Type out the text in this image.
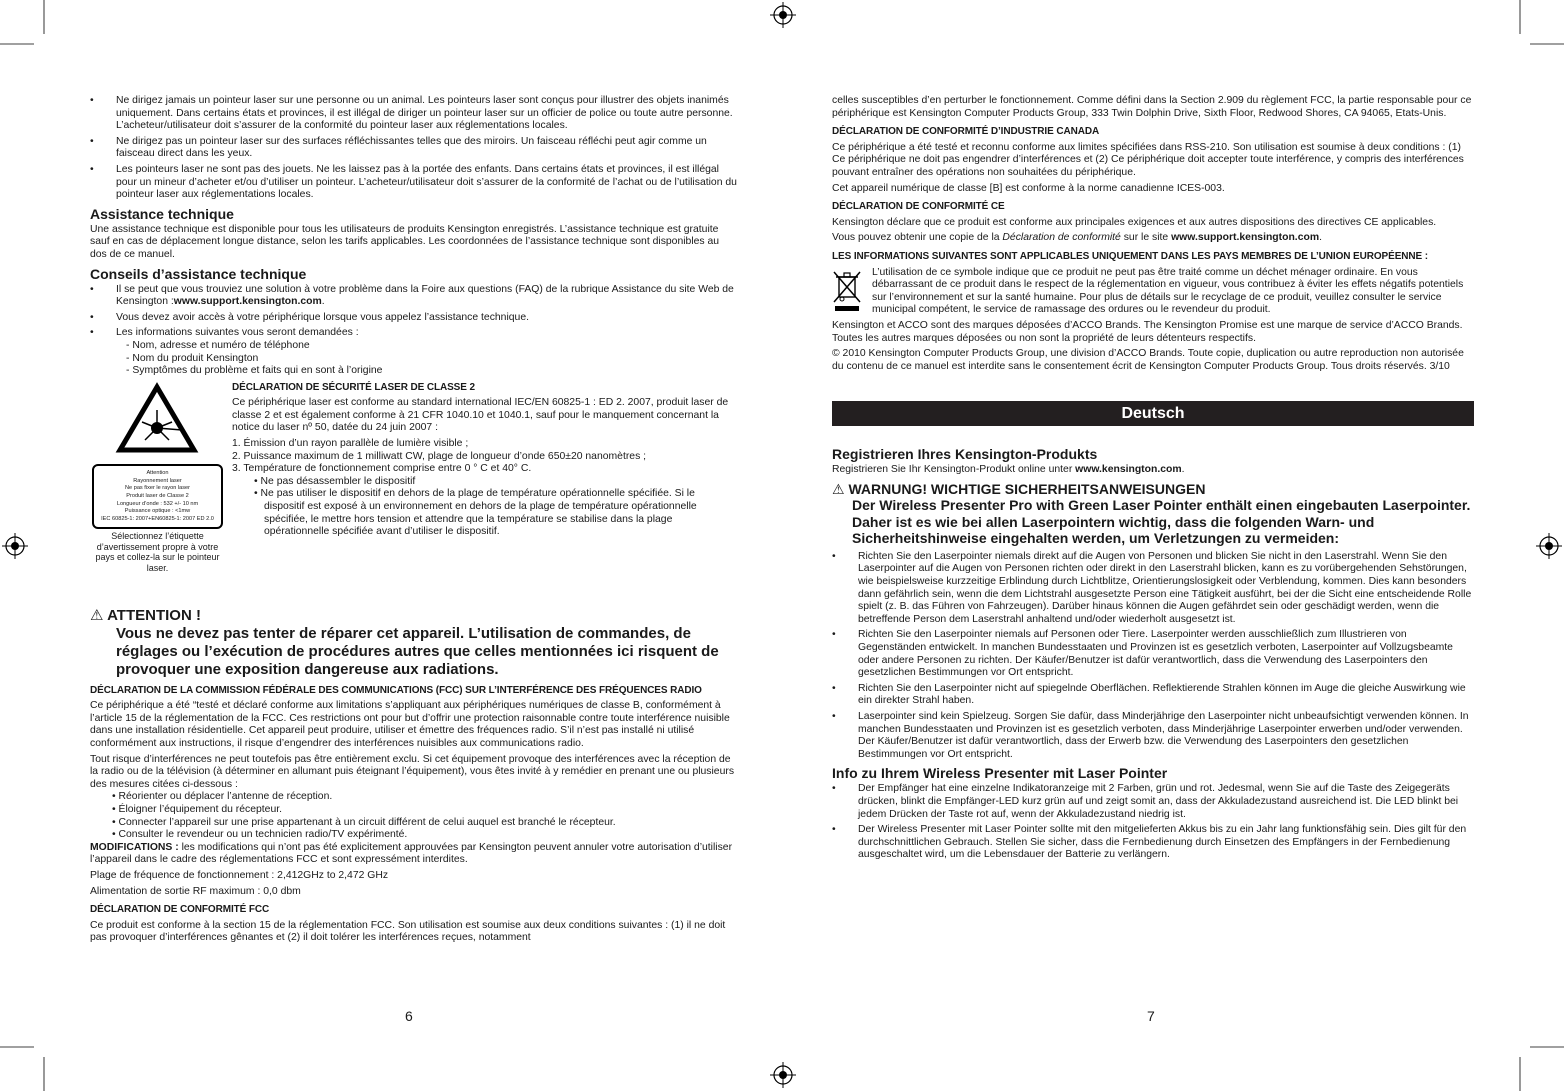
• Ne dirigez jamais un pointeur laser sur une personne ou un animal. Les pointeurs laser sont conçus pour illustrer des objets inanimés uniquement. Dans certains états et provinces, il est illégal de diriger un pointeur laser sur un officier de police ou toute autre personne. L’acheteur/utilisateur doit s’assurer de la conformité du pointeur laser aux réglementations locales.
• Ne dirigez pas un pointeur laser sur des surfaces réfléchissantes telles que des miroirs. Un faisceau réfléchi peut agir comme un faisceau direct dans les yeux.
• Les pointeurs laser ne sont pas des jouets. Ne les laissez pas à la portée des enfants. Dans certains états et provinces, il est illégal pour un mineur d’acheter et/ou d’utiliser un pointeur. L’acheteur/utilisateur doit s’assurer de la conformité de l’achat ou de l’utilisation du pointeur laser aux réglementations locales.
Assistance technique

Une assistance technique est disponible pour tous les utilisateurs de produits Kensington enregistrés. L’assistance technique est gratuite sauf en cas de déplacement longue distance, selon les tarifs applicables. Les coordonnées de l’assistance technique sont disponibles au dos de ce manuel.

Conseils d’assistance technique
• Il se peut que vous trouviez une solution à votre problème dans la Foire aux questions (FAQ) de la rubrique Assistance du site Web de Kensington :www.support.kensington.com.
• Vous devez avoir accès à votre périphérique lorsque vous appelez l’assistance technique.
• Les informations suivantes vous seront demandées :
- Nom, adresse et numéro de téléphone
- Nom du produit Kensington
- Symptômes du problème et faits qui en sont à l’origine
Attention
Rayonnement laser
Ne pas fixer le rayon laser
Produit laser de Classe 2
Longueur d’onde : 532 +/- 10 nm
Puissance optique : <1mw
IEC 60825-1: 2007+EN60825-1: 2007 ED 2.0
Sélectionnez l’étiquette d’avertissement propre à votre pays et collez-la sur le pointeur laser.
DÉCLARATION DE SÉCURITÉ LASER DE CLASSE 2

Ce périphérique laser est conforme au standard international IEC/EN 60825-1 : ED 2. 2007, produit laser de classe 2 et est également conforme à 21 CFR 1040.10 et 1040.1, sauf pour le manquement concernant la notice du laser nº 50, datée du 24 juin 2007 :

1. Émission d’un rayon parallèle de lumière visible ;
2. Puissance maximum de 1 milliwatt CW, plage de longueur d’onde 650±20 nanomètres ;
3. Température de fonctionnement comprise entre 0 ° C et 40° C.
• Ne pas désassembler le dispositif
• Ne pas utiliser le dispositif en dehors de la plage de température opérationnelle spécifiée. Si le dispositif est exposé à un environnement en dehors de la plage de température opérationnelle spécifiée, le mettre hors tension et attendre que la température se stabilise dans la plage opérationnelle spécifiée avant d’utiliser le dispositif.
⚠ ATTENTION !
Vous ne devez pas tenter de réparer cet appareil. L’utilisation de commandes, de réglages ou l’exécution de procédures autres que celles mentionnées ici risquent de provoquer une exposition dangereuse aux radiations.
DÉCLARATION DE LA COMMISSION FÉDÉRALE DES COMMUNICATIONS (FCC) SUR L’INTERFÉRENCE DES FRÉQUENCES RADIO

Ce périphérique a été “testé et déclaré conforme aux limitations s’appliquant aux périphériques numériques de classe B, conformément à l’article 15 de la réglementation de la FCC. Ces restrictions ont pour but d’offrir une protection raisonnable contre toute interférence nuisible dans une installation résidentielle. Cet appareil peut produire, utiliser et émettre des fréquences radio. S’il n’est pas installé ni utilisé conformément aux instructions, il risque d’engendrer des interférences nuisibles aux communications radio.

Tout risque d’interférences ne peut toutefois pas être entièrement exclu. Si cet équipement provoque des interférences avec la réception de la radio ou de la télévision (à déterminer en allumant puis éteignant l’équipement), vous êtes invité à y remédier en prenant une ou plusieurs des mesures citées ci-dessous :

• Réorienter ou déplacer l’antenne de réception.
• Éloigner l’équipement du récepteur.
• Connecter l’appareil sur une prise appartenant à un circuit différent de celui auquel est branché le récepteur.
• Consulter le revendeur ou un technicien radio/TV expérimenté.

MODIFICATIONS : les modifications qui n’ont pas été explicitement approuvées par Kensington peuvent annuler votre autorisation d’utiliser l’appareil dans le cadre des réglementations FCC et sont expressément interdites.

Plage de fréquence de fonctionnement : 2,412GHz to 2,472 GHz

Alimentation de sortie RF maximum : 0,0 dbm

DÉCLARATION DE CONFORMITÉ FCC

Ce produit est conforme à la section 15 de la réglementation FCC. Son utilisation est soumise aux deux conditions suivantes : (1) il ne doit pas provoquer d’interférences gênantes et (2) il doit tolérer les interférences reçues, notamment

6

celles susceptibles d’en perturber le fonctionnement. Comme défini dans la Section 2.909 du règlement FCC, la partie responsable pour ce périphérique est Kensington Computer Products Group, 333 Twin Dolphin Drive, Sixth Floor, Redwood Shores, CA 94065, Etats-Unis.

DÉCLARATION DE CONFORMITÉ D’INDUSTRIE CANADA

Ce périphérique a été testé et reconnu conforme aux limites spécifiées dans RSS-210. Son utilisation est soumise à deux conditions : (1) Ce périphérique ne doit pas engendrer d’interférences et (2) Ce périphérique doit accepter toute interférence, y compris des interférences pouvant entraîner des opérations non souhaitées du périphérique.

Cet appareil numérique de classe [B] est conforme à la norme canadienne ICES-003.

DÉCLARATION DE CONFORMITÉ CE

Kensington déclare que ce produit est conforme aux principales exigences et aux autres dispositions des directives CE applicables.

Vous pouvez obtenir une copie de la Déclaration de conformité sur le site www.support.kensington.com.

LES INFORMATIONS SUIVANTES SONT APPLICABLES UNIQUEMENT DANS LES PAYS MEMBRES DE L’UNION EUROPÉENNE :

L’utilisation de ce symbole indique que ce produit ne peut pas être traité comme un déchet ménager ordinaire. En vous débarrassant de ce produit dans le respect de la réglementation en vigueur, vous contribuez à éviter les effets négatifs potentiels sur l’environnement et sur la santé humaine. Pour plus de détails sur le recyclage de ce produit, veuillez consulter le service municipal compétent, le service de ramassage des ordures ou le revendeur du produit.

Kensington et ACCO sont des marques déposées d’ACCO Brands. The Kensington Promise est une marque de service d’ACCO Brands. Toutes les autres marques déposées ou non sont la propriété de leurs détenteurs respectifs.

© 2010 Kensington Computer Products Group, une division d’ACCO Brands. Toute copie, duplication ou autre reproduction non autorisée du contenu de ce manuel est interdite sans le consentement écrit de Kensington Computer Products Group. Tous droits réservés. 3/10

Deutsch
Registrieren Ihres Kensington-Produkts

Registrieren Sie Ihr Kensington-Produkt online unter www.kensington.com.

⚠ WARNUNG! WICHTIGE SICHERHEITSANWEISUNGEN
Der Wireless Presenter Pro with Green Laser Pointer enthält einen eingebauten Laserpointer. Daher ist es wie bei allen Laserpointern wichtig, dass die folgenden Warn- und Sicherheitshinweise eingehalten werden, um Verletzungen zu vermeiden:
• Richten Sie den Laserpointer niemals direkt auf die Augen von Personen und blicken Sie nicht in den Laserstrahl. Wenn Sie den Laserpointer auf die Augen von Personen richten oder direkt in den Laserstrahl blicken, kann es zu vorübergehenden Sehstörungen, wie beispielsweise kurzzeitige Erblindung durch Lichtblitze, Orientierungslosigkeit oder Verblendung, kommen. Dies kann besonders dann gefährlich sein, wenn die dem Lichtstrahl ausgesetzte Person eine Tätigkeit ausführt, bei der die Sicht eine entscheidende Rolle spielt (z. B. das Führen von Fahrzeugen). Darüber hinaus können die Augen gefährdet sein oder geschädigt werden, wenn die betreffende Person dem Laserstrahl anhaltend und/oder wiederholt ausgesetzt ist.
• Richten Sie den Laserpointer niemals auf Personen oder Tiere. Laserpointer werden ausschließlich zum Illustrieren von Gegenständen entwickelt. In manchen Bundesstaaten und Provinzen ist es gesetzlich verboten, Laserpointer auf Vollzugsbeamte oder andere Personen zu richten. Der Käufer/Benutzer ist dafür verantwortlich, dass die Verwendung des Laserpointers den gesetzlichen Bestimmungen vor Ort entspricht.
• Richten Sie den Laserpointer nicht auf spiegelnde Oberflächen. Reflektierende Strahlen können im Auge die gleiche Auswirkung wie ein direkter Strahl haben.
• Laserpointer sind kein Spielzeug. Sorgen Sie dafür, dass Minderjährige den Laserpointer nicht unbeaufsichtigt verwenden können. In manchen Bundesstaaten und Provinzen ist es gesetzlich verboten, dass Minderjährige Laserpointer erwerben und/oder verwenden. Der Käufer/Benutzer ist dafür verantwortlich, dass der Erwerb bzw. die Verwendung des Laserpointers den gesetzlichen Bestimmungen vor Ort entspricht.
Info zu Ihrem Wireless Presenter mit Laser Pointer
• Der Empfänger hat eine einzelne Indikatoranzeige mit 2 Farben, grün und rot. Jedesmal, wenn Sie auf die Taste des Zeigegeräts drücken, blinkt die Empfänger-LED kurz grün auf und zeigt somit an, dass der Akkuladezustand ausreichend ist. Die LED blinkt bei jedem Drücken der Taste rot auf, wenn der Akkuladezustand niedrig ist.
• Der Wireless Presenter mit Laser Pointer sollte mit den mitgelieferten Akkus bis zu ein Jahr lang funktionsfähig sein. Dies gilt für den durchschnittlichen Gebrauch. Stellen Sie sicher, dass die Fernbedienung durch Einsetzen des Empfängers in der Fernbedienung ausgeschaltet wird, um die Lebensdauer der Batterie zu verlängern.
7
